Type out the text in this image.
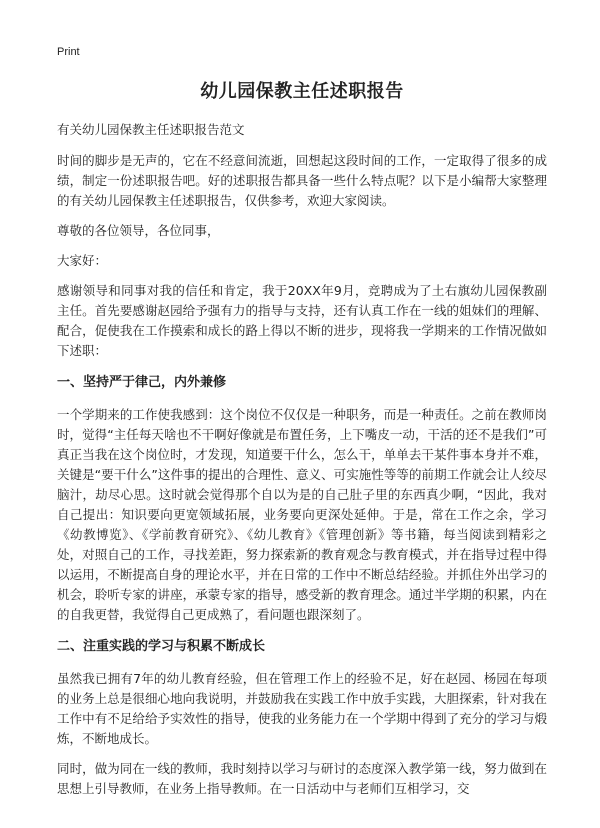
Print
幼儿园保教主任述职报告
有关幼儿园保教主任述职报告范文
时间的脚步是无声的，它在不经意间流逝，回想起这段时间的工作，一定取得了很多的成绩，制定一份述职报告吧。好的述职报告都具备一些什么特点呢？以下是小编帮大家整理的有关幼儿园保教主任述职报告，仅供参考，欢迎大家阅读。
尊敬的各位领导，各位同事，
大家好：
感谢领导和同事对我的信任和肯定，我于20XX年9月，竞聘成为了土右旗幼儿园保教副主任。首先要感谢赵园给予强有力的指导与支持，还有认真工作在一线的姐妹们的理解、配合，促使我在工作摸索和成长的路上得以不断的进步，现将我一学期来的工作情况做如下述职：
一、坚持严于律己，内外兼修
一个学期来的工作使我感到：这个岗位不仅仅是一种职务，而是一种责任。之前在教师岗时，觉得“主任每天啥也不干啊好像就是布置任务，上下嘴皮一动，干活的还不是我们”可真正当我在这个岗位时，才发现，知道要干什么，怎么干，单单去干某件事本身并不难，关键是“要干什么”这件事的提出的合理性、意义、可实施性等等的前期工作就会让人绞尽脑汁，劫尽心思。这时就会觉得那个自以为是的自己肚子里的东西真少啊，“因此，我对自己提出：知识要向更宽领域拓展，业务要向更深处延伸。于是，常在工作之余，学习《幼教博览》、《学前教育研究》、《幼儿教育》《管理创新》等书籍，每当阅读到精彩之处，对照自己的工作，寻找差距，努力探索新的教育观念与教育模式，并在指导过程中得以运用，不断提高自身的理论水平，并在日常的工作中不断总结经验。并抓住外出学习的机会，聆听专家的讲座，承蒙专家的指导，感受新的教育理念。通过半学期的积累，内在的自我更替，我觉得自己更成熟了，看问题也跟深刻了。
二、注重实践的学习与积累不断成长
虽然我已拥有7年的幼儿教育经验，但在管理工作上的经验不足，好在赵园、杨园在每项的业务上总是很细心地向我说明，并鼓励我在实践工作中放手实践，大胆探索，针对我在工作中有不足给给予实效性的指导，使我的业务能力在一个学期中得到了充分的学习与煅炼，不断地成长。
同时，做为同在一线的教师，我时刻持以学习与研讨的态度深入教学第一线，努力做到在思想上引导教师，在业务上指导教师。在一日活动中与老师们互相学习，交
